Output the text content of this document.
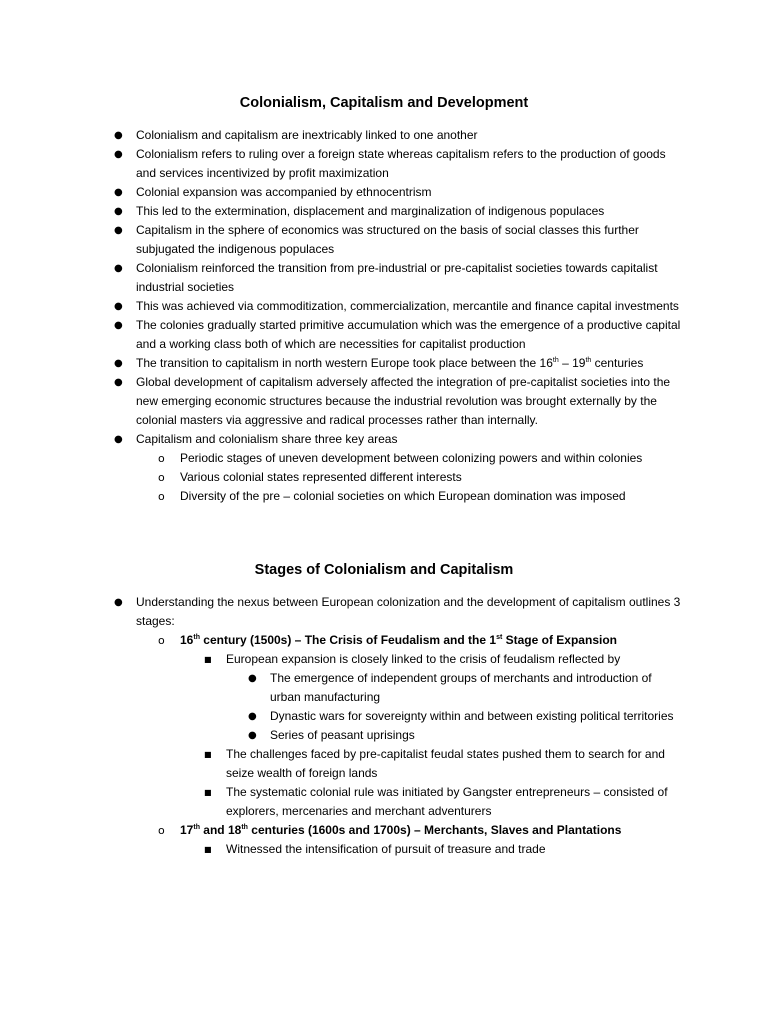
Colonialism, Capitalism and Development
● Colonialism and capitalism are inextricably linked to one another
● Colonialism refers to ruling over a foreign state whereas capitalism refers to the production of goods and services incentivized by profit maximization
● Colonial expansion was accompanied by ethnocentrism
● This led to the extermination, displacement and marginalization of indigenous populaces
● Capitalism in the sphere of economics was structured on the basis of social classes this further subjugated the indigenous populaces
● Colonialism reinforced the transition from pre-industrial or pre-capitalist societies towards capitalist industrial societies
● This was achieved via commoditization, commercialization, mercantile and finance capital investments
● The colonies gradually started primitive accumulation which was the emergence of a productive capital and a working class both of which are necessities for capitalist production
● The transition to capitalism in north western Europe took place between the 16th – 19th centuries
● Global development of capitalism adversely affected the integration of pre-capitalist societies into the new emerging economic structures because the industrial revolution was brought externally by the colonial masters via aggressive and radical processes rather than internally.
● Capitalism and colonialism share three key areas
o Periodic stages of uneven development between colonizing powers and within colonies
o Various colonial states represented different interests
o Diversity of the pre – colonial societies on which European domination was imposed
Stages of Colonialism and Capitalism
● Understanding the nexus between European colonization and the development of capitalism outlines 3 stages:
o 16th century (1500s) – The Crisis of Feudalism and the 1st Stage of Expansion
■ European expansion is closely linked to the crisis of feudalism reflected by
● The emergence of independent groups of merchants and introduction of urban manufacturing
● Dynastic wars for sovereignty within and between existing political territories
● Series of peasant uprisings
■ The challenges faced by pre-capitalist feudal states pushed them to search for and seize wealth of foreign lands
■ The systematic colonial rule was initiated by Gangster entrepreneurs – consisted of explorers, mercenaries and merchant adventurers
o 17th and 18th centuries (1600s and 1700s) – Merchants, Slaves and Plantations
■ Witnessed the intensification of pursuit of treasure and trade
